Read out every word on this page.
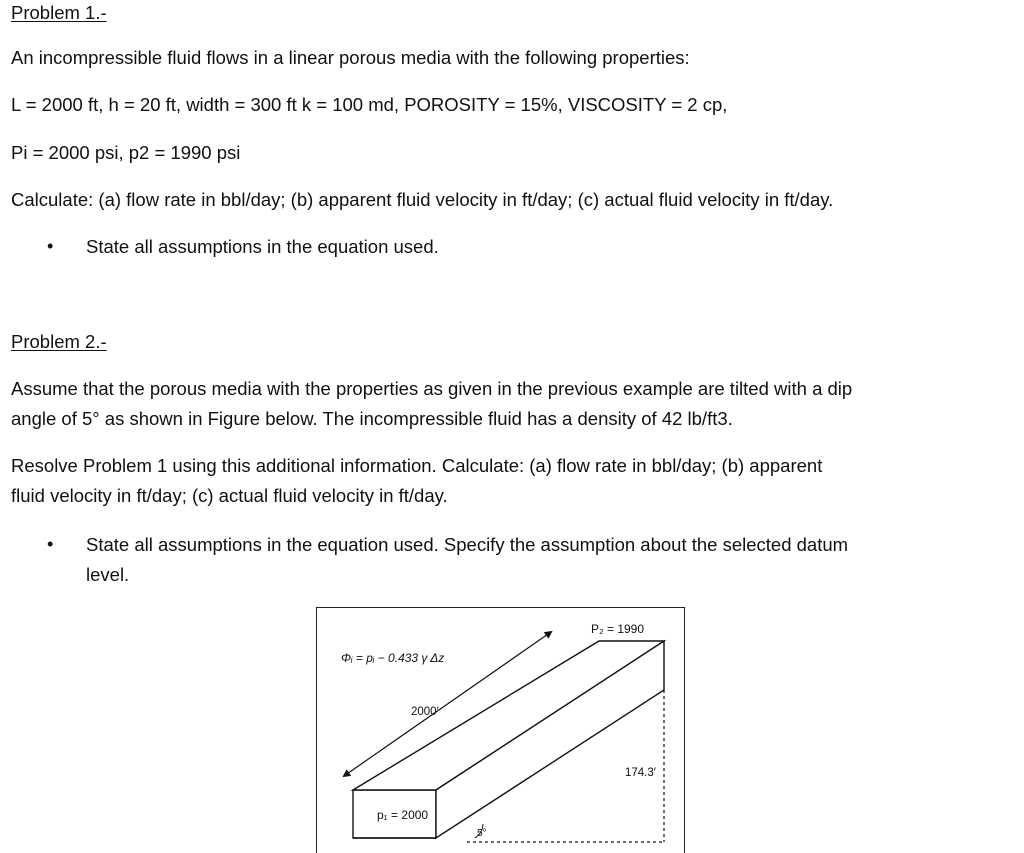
Problem 1.-
An incompressible fluid flows in a linear porous media with the following properties:
L = 2000 ft, h = 20 ft, width = 300 ft k = 100 md, POROSITY = 15%, VISCOSITY = 2 cp,
Pi = 2000 psi, p2 = 1990 psi
Calculate: (a) flow rate in bbl/day; (b) apparent fluid velocity in ft/day; (c) actual fluid velocity in ft/day.
• State all assumptions in the equation used.
Problem 2.-
Assume that the porous media with the properties as given in the previous example are tilted with a dip
angle of 5° as shown in Figure below. The incompressible fluid has a density of 42 lb/ft3.
Resolve Problem 1 using this additional information. Calculate: (a) flow rate in bbl/day; (b) apparent
fluid velocity in ft/day; (c) actual fluid velocity in ft/day.
• State all assumptions in the equation used. Specify the assumption about the selected datum
level.
P₂ = 1990
Φᵢ = pᵢ − 0.433 γ Δz
2000′
174.3′
p₁ = 2000
5°
